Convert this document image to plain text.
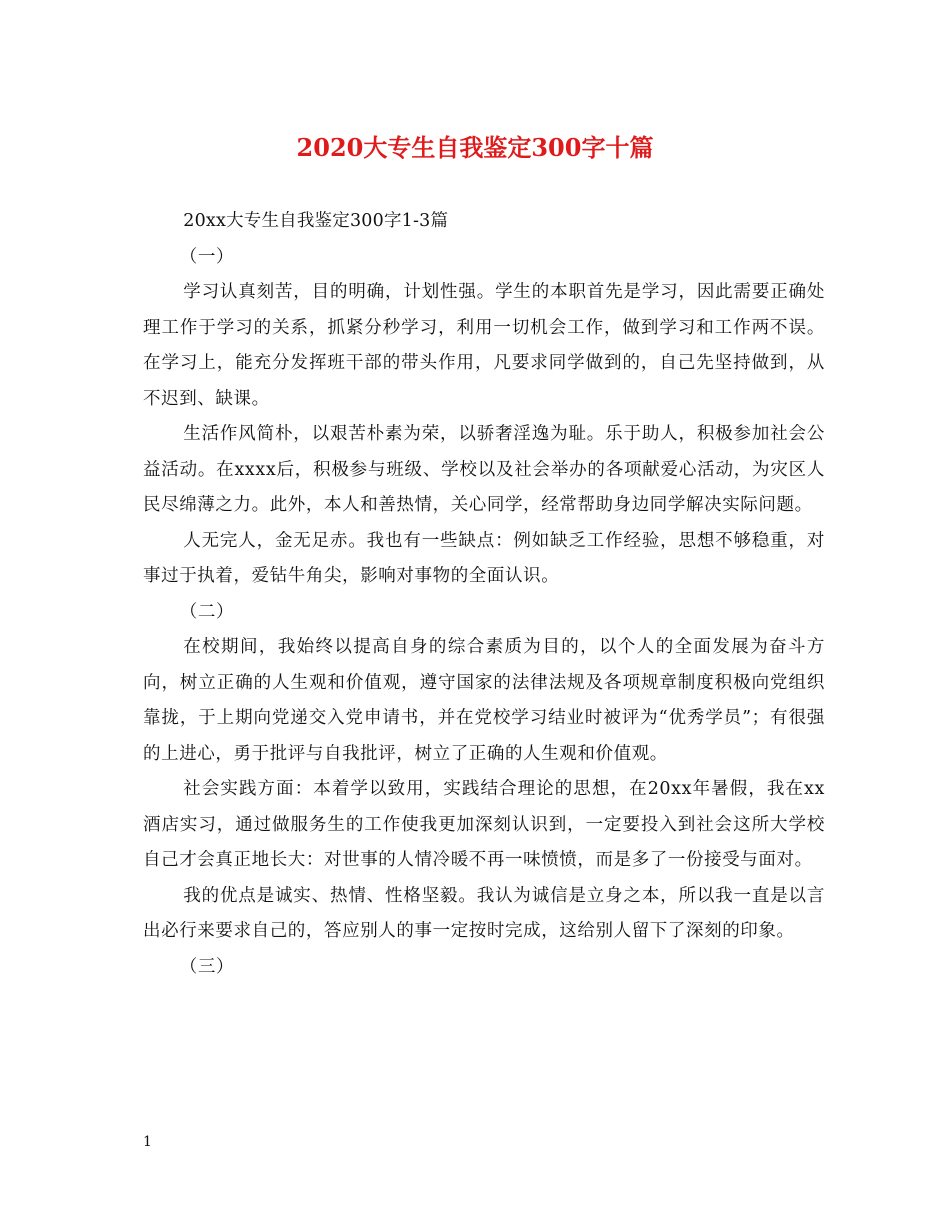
2020大专生自我鉴定300字十篇

20xx大专生自我鉴定300字1-3篇

（一）

学习认真刻苦，目的明确，计划性强。学生的本职首先是学习，因此需要正确处理工作于学习的关系，抓紧分秒学习，利用一切机会工作，做到学习和工作两不误。在学习上，能充分发挥班干部的带头作用，凡要求同学做到的，自己先坚持做到，从不迟到、缺课。

生活作风简朴，以艰苦朴素为荣，以骄奢淫逸为耻。乐于助人，积极参加社会公益活动。在xxxx后，积极参与班级、学校以及社会举办的各项献爱心活动，为灾区人民尽绵薄之力。此外，本人和善热情，关心同学，经常帮助身边同学解决实际问题。

人无完人，金无足赤。我也有一些缺点：例如缺乏工作经验，思想不够稳重，对事过于执着，爱钻牛角尖，影响对事物的全面认识。

（二）

在校期间，我始终以提高自身的综合素质为目的，以个人的全面发展为奋斗方向，树立正确的人生观和价值观，遵守国家的法律法规及各项规章制度积极向党组织靠拢，于上期向党递交入党申请书，并在党校学习结业时被评为“优秀学员”；有很强的上进心，勇于批评与自我批评，树立了正确的人生观和价值观。

社会实践方面：本着学以致用，实践结合理论的思想，在20xx年暑假，我在xx酒店实习，通过做服务生的工作使我更加深刻认识到，一定要投入到社会这所大学校自己才会真正地长大：对世事的人情冷暖不再一味愤愤，而是多了一份接受与面对。

我的优点是诚实、热情、性格坚毅。我认为诚信是立身之本，所以我一直是以言出必行来要求自己的，答应别人的事一定按时完成，这给别人留下了深刻的印象。

（三）

1
